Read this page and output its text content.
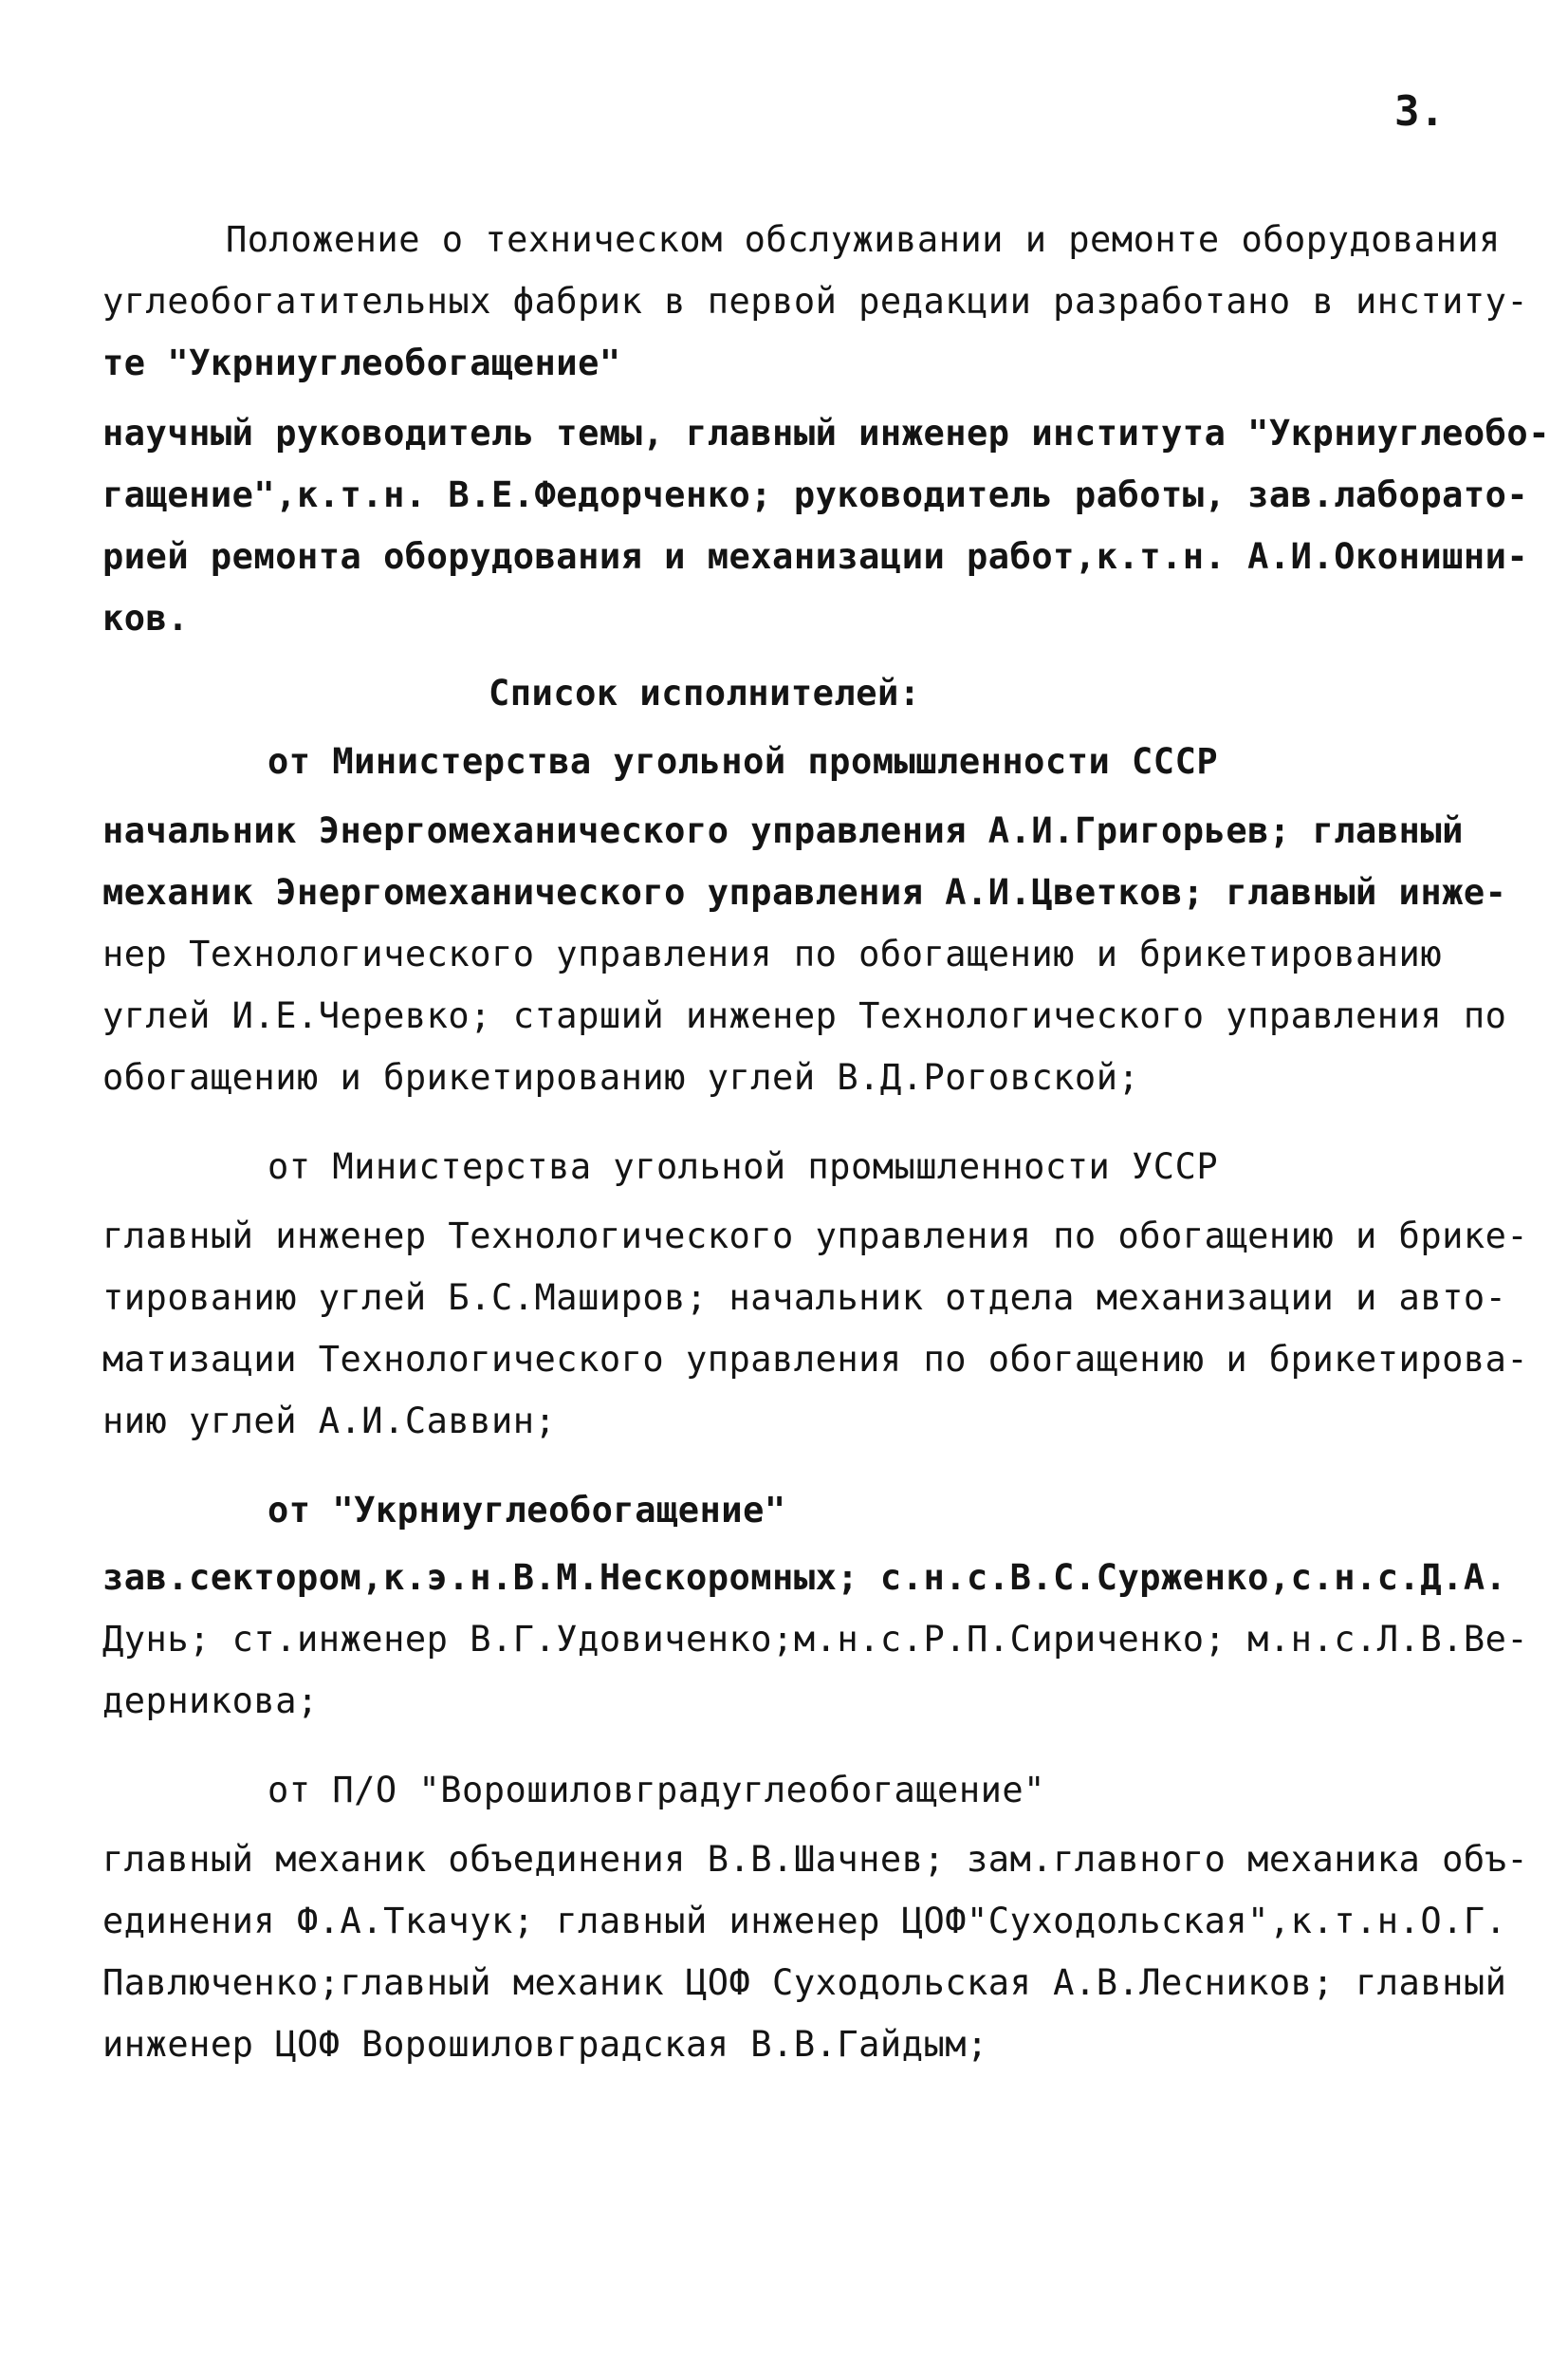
3.
Положение о техническом обслуживании и ремонте оборудования
углеобогатительных фабрик в первой редакции разработано в институ-
те "Укрниуглеобогащение"
научный руководитель темы, главный инженер института "Укрниуглеобо-
гащение",к.т.н. В.Е.Федорченко; руководитель работы, зав.лаборато-
рией ремонта оборудования и механизации работ,к.т.н. А.И.Оконишни-
ков.
Список исполнителей:
от Министерства угольной промышленности СССР
начальник Энергомеханического управления А.И.Григорьев; главный
механик Энергомеханического управления А.И.Цветков; главный инже-
нер Технологического управления по обогащению и брикетированию
углей И.Е.Черевко; старший инженер Технологического управления по
обогащению и брикетированию углей В.Д.Роговской;
от Министерства угольной промышленности УССР
главный инженер Технологического управления по обогащению и брике-
тированию углей Б.С.Маширов; начальник отдела механизации и авто-
матизации Технологического управления по обогащению и брикетирова-
нию углей А.И.Саввин;
от "Укрниуглеобогащение"
зав.сектором,к.э.н.В.М.Нескоромных; с.н.с.В.С.Сурженко,с.н.с.Д.А.
Дунь; ст.инженер В.Г.Удовиченко;м.н.с.Р.П.Сириченко; м.н.с.Л.В.Ве-
дерникова;
от П/О "Ворошиловградуглеобогащение"
главный механик объединения В.В.Шачнев; зам.главного механика объ-
единения Ф.А.Ткачук; главный инженер ЦОФ"Суходольская",к.т.н.О.Г.
Павлюченко;главный механик ЦОФ Суходольская А.В.Лесников; главный
инженер ЦОФ Ворошиловградская В.В.Гайдым;
